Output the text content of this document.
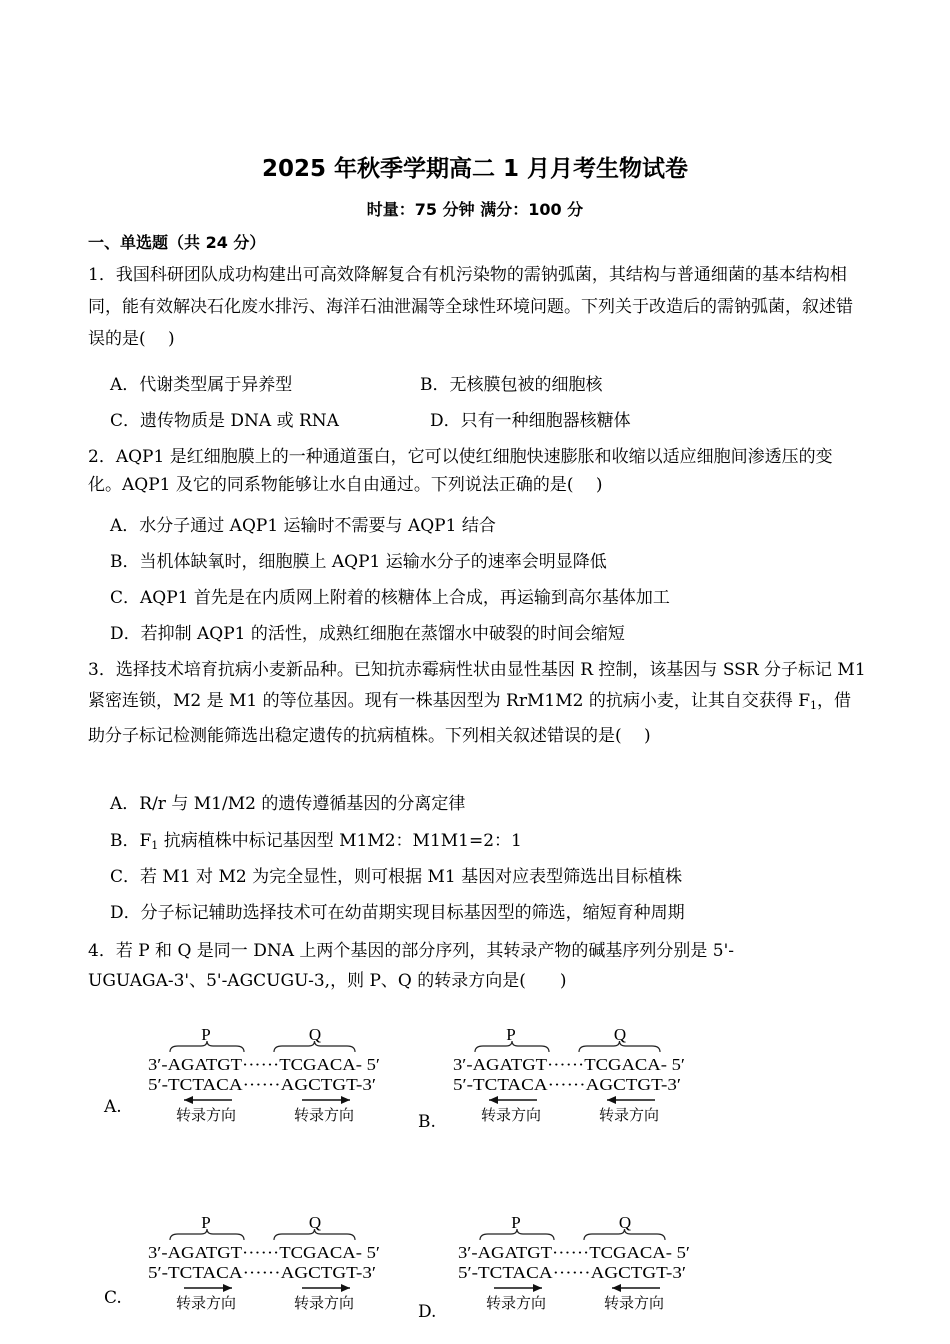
2025 年秋季学期高二 1 月月考生物试卷
时量：75 分钟 满分：100 分
一、单选题（共 24 分）
1．我国科研团队成功构建出可高效降解复合有机污染物的需钠弧菌，其结构与普通细菌的基本结构相同，能有效解决石化废水排污、海洋石油泄漏等全球性环境问题。下列关于改造后的需钠弧菌，叙述错误的是(　 )
A．代谢类型属于异养型	B．无核膜包被的细胞核
C．遗传物质是 DNA 或 RNA	D．只有一种细胞器核糖体
2．AQP1 是红细胞膜上的一种通道蛋白，它可以使红细胞快速膨胀和收缩以适应细胞间渗透压的变化。AQP1 及它的同系物能够让水自由通过。下列说法正确的是(　 )
A．水分子通过 AQP1 运输时不需要与 AQP1 结合
B．当机体缺氧时，细胞膜上 AQP1 运输水分子的速率会明显降低
C．AQP1 首先是在内质网上附着的核糖体上合成，再运输到高尔基体加工
D．若抑制 AQP1 的活性，成熟红细胞在蒸馏水中破裂的时间会缩短
3．选择技术培育抗病小麦新品种。已知抗赤霉病性状由显性基因 R 控制，该基因与 SSR 分子标记 M1 紧密连锁，M2 是 M1 的等位基因。现有一株基因型为 RrM1M2 的抗病小麦，让其自交获得 $F_1$，借助分子标记检测能筛选出稳定遗传的抗病植株。下列相关叙述错误的是(　 )
A．R/r 与 M1/M2 的遗传遵循基因的分离定律
B．$F_1$ 抗病植株中标记基因型 M1M2：M1M1=2：1
C．若 M1 对 M2 为完全显性，则可根据 M1 基因对应表型筛选出目标植株
D．分子标记辅助选择技术可在幼苗期实现目标基因型的筛选，缩短育种周期
4．若 P 和 Q 是同一 DNA 上两个基因的部分序列，其转录产物的碱基序列分别是 5'-UGUAGA-3'、5'-AGCUGU-3,，则 P、Q 的转录方向是(　　)
A.
P	Q
3′-AGATGT······TCGACA- 5′
5′-TCTACA······AGCTGT-3′
转录方向	转录方向	B.
P	Q
3′-AGATGT······TCGACA- 5′
5′-TCTACA······AGCTGT-3′
转录方向	转录方向
C.
P	Q
3′-AGATGT······TCGACA- 5′
5′-TCTACA······AGCTGT-3′
转录方向	转录方向	D.
P	Q
3′-AGATGT······TCGACA- 5′
5′-TCTACA······AGCTGT-3′
转录方向	转录方向
